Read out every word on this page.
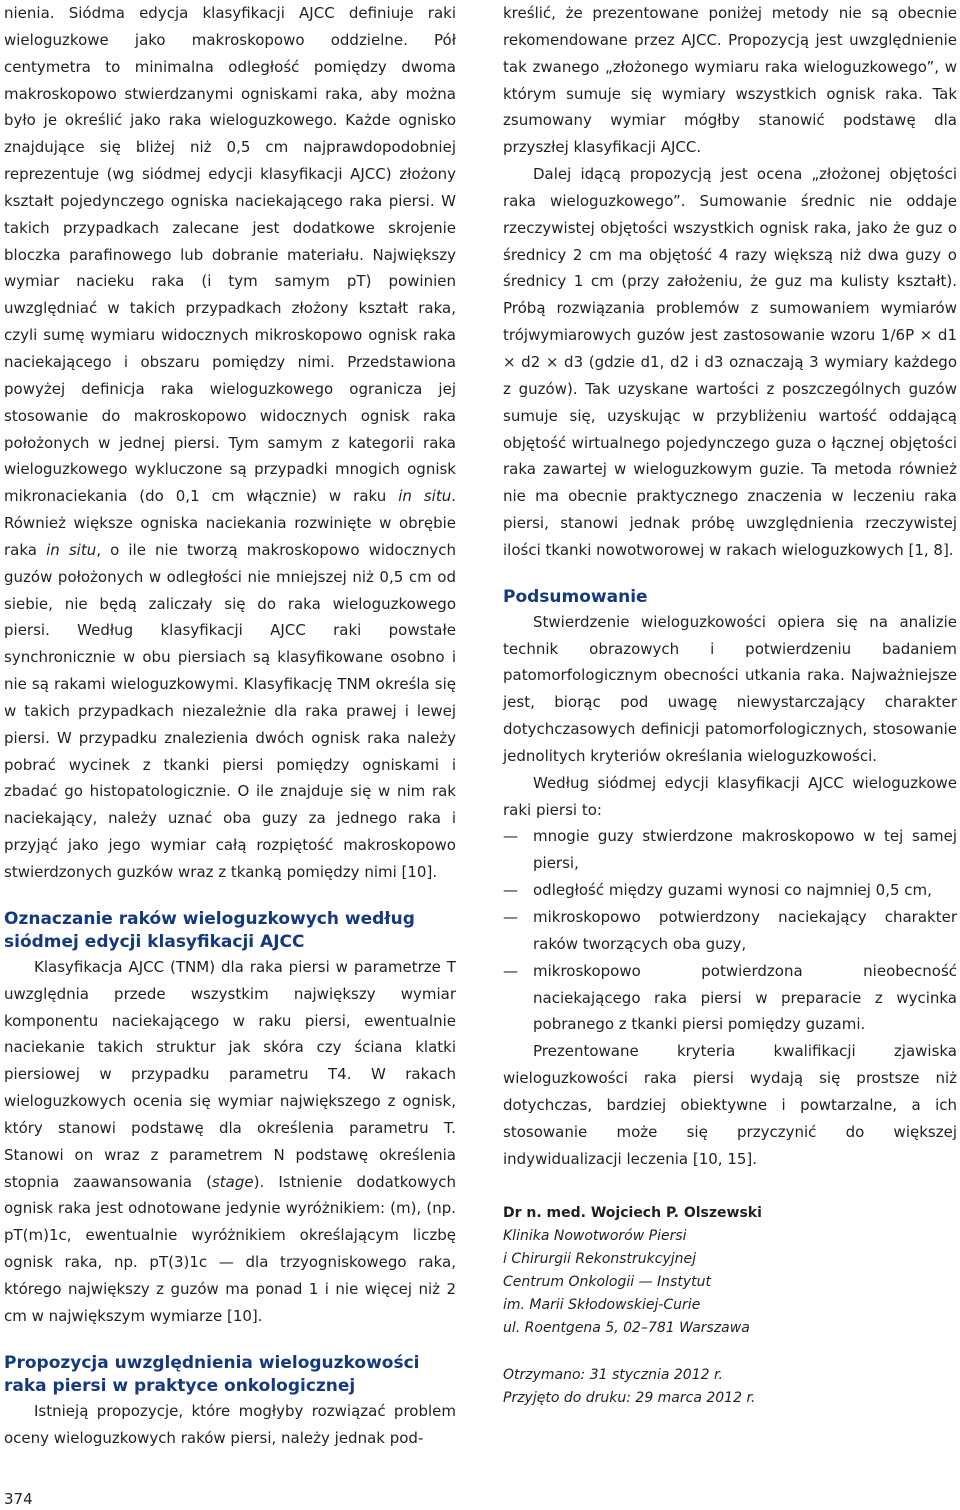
nienia. Siódma edycja klasyfikacji AJCC definiuje raki wieloguzkowe jako makroskopowo oddzielne. Pół centymetra to minimalna odległość pomiędzy dwoma makroskopowo stwierdzanymi ogniskami raka, aby można było je określić jako raka wieloguzkowego. Każde ognisko znajdujące się bliżej niż 0,5 cm najprawdopodobniej reprezentuje (wg siódmej edycji klasyfikacji AJCC) złożony kształt pojedynczego ogniska naciekającego raka piersi. W takich przypadkach zalecane jest dodatkowe skrojenie bloczka parafinowego lub dobranie materiału. Największy wymiar nacieku raka (i tym samym pT) powinien uwzględniać w takich przypadkach złożony kształt raka, czyli sumę wymiaru widocznych mikroskopowo ognisk raka naciekającego i obszaru pomiędzy nimi. Przedstawiona powyżej definicja raka wieloguzkowego ogranicza jej stosowanie do makroskopowo widocznych ognisk raka położonych w jednej piersi. Tym samym z kategorii raka wieloguzkowego wykluczone są przypadki mnogich ognisk mikronaciekania (do 0,1 cm włącznie) w raku in situ. Również większe ogniska naciekania rozwinięte w obrębie raka in situ, o ile nie tworzą makroskopowo widocznych guzów położonych w odległości nie mniejszej niż 0,5 cm od siebie, nie będą zaliczały się do raka wieloguzkowego piersi. Według klasyfikacji AJCC raki powstałe synchronicznie w obu piersiach są klasyfikowane osobno i nie są rakami wieloguzkowymi. Klasyfikację TNM określa się w takich przypadkach niezależnie dla raka prawej i lewej piersi. W przypadku znalezienia dwóch ognisk raka należy pobrać wycinek z tkanki piersi pomiędzy ogniskami i zbadać go histopatologicznie. O ile znajduje się w nim rak naciekający, należy uznać oba guzy za jednego raka i przyjąć jako jego wymiar całą rozpiętość makroskopowo stwierdzonych guzków wraz z tkanką pomiędzy nimi [10].

Oznaczanie raków wieloguzkowych według siódmej edycji klasyfikacji AJCC

Klasyfikacja AJCC (TNM) dla raka piersi w parametrze T uwzględnia przede wszystkim największy wymiar komponentu naciekającego w raku piersi, ewentualnie naciekanie takich struktur jak skóra czy ściana klatki piersiowej w przypadku parametru T4. W rakach wieloguzkowych ocenia się wymiar największego z ognisk, który stanowi podstawę dla określenia parametru T. Stanowi on wraz z parametrem N podstawę określenia stopnia zaawansowania (stage). Istnienie dodatkowych ognisk raka jest odnotowane jedynie wyróżnikiem: (m), (np. pT(m)1c, ewentualnie wyróżnikiem określającym liczbę ognisk raka, np. pT(3)1c — dla trzyogniskowego raka, którego największy z guzów ma ponad 1 i nie więcej niż 2 cm w największym wymiarze [10].

Propozycja uwzględnienia wieloguzkowości raka piersi w praktyce onkologicznej

Istnieją propozycje, które mogłyby rozwiązać problem oceny wieloguzkowych raków piersi, należy jednak pod-

kreślić, że prezentowane poniżej metody nie są obecnie rekomendowane przez AJCC. Propozycją jest uwzględnienie tak zwanego „złożonego wymiaru raka wieloguzkowego”, w którym sumuje się wymiary wszystkich ognisk raka. Tak zsumowany wymiar mógłby stanowić podstawę dla przyszłej klasyfikacji AJCC.

Dalej idącą propozycją jest ocena „złożonej objętości raka wieloguzkowego”. Sumowanie średnic nie oddaje rzeczywistej objętości wszystkich ognisk raka, jako że guz o średnicy 2 cm ma objętość 4 razy większą niż dwa guzy o średnicy 1 cm (przy założeniu, że guz ma kulisty kształt). Próbą rozwiązania problemów z sumowaniem wymiarów trójwymiarowych guzów jest zastosowanie wzoru 1/6P × d1 × d2 × d3 (gdzie d1, d2 i d3 oznaczają 3 wymiary każdego z guzów). Tak uzyskane wartości z poszczególnych guzów sumuje się, uzyskując w przybliżeniu wartość oddającą objętość wirtualnego pojedynczego guza o łącznej objętości raka zawartej w wieloguzkowym guzie. Ta metoda również nie ma obecnie praktycznego znaczenia w leczeniu raka piersi, stanowi jednak próbę uwzględnienia rzeczywistej ilości tkanki nowotworowej w rakach wieloguzkowych [1, 8].

Podsumowanie

Stwierdzenie wieloguzkowości opiera się na analizie technik obrazowych i potwierdzeniu badaniem patomorfologicznym obecności utkania raka. Najważniejsze jest, biorąc pod uwagę niewystarczający charakter dotychczasowych definicji patomorfologicznych, stosowanie jednolitych kryteriów określania wieloguzkowości.

Według siódmej edycji klasyfikacji AJCC wieloguzkowe raki piersi to:

— mnogie guzy stwierdzone makroskopowo w tej samej piersi,
— odległość między guzami wynosi co najmniej 0,5 cm,
— mikroskopowo potwierdzony naciekający charakter raków tworzących oba guzy,
— mikroskopowo potwierdzona nieobecność naciekającego raka piersi w preparacie z wycinka pobranego z tkanki piersi pomiędzy guzami.

Prezentowane kryteria kwalifikacji zjawiska wieloguzkowości raka piersi wydają się prostsze niż dotychczas, bardziej obiektywne i powtarzalne, a ich stosowanie może się przyczynić do większej indywidualizacji leczenia [10, 15].

Dr n. med. Wojciech P. Olszewski
Klinika Nowotworów Piersi
i Chirurgii Rekonstrukcyjnej
Centrum Onkologii — Instytut
im. Marii Skłodowskiej-Curie
ul. Roentgena 5, 02–781 Warszawa
Otrzymano: 31 stycznia 2012 r.
Przyjęto do druku: 29 marca 2012 r.
374
